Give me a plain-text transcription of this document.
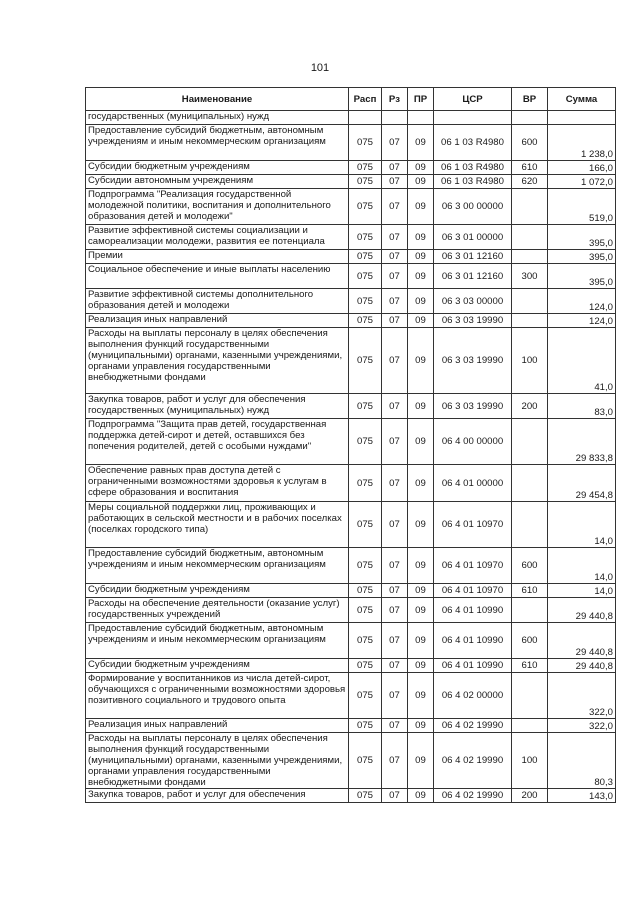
101
Наименование	Расп	Рз	ПР	ЦСР	ВР	Сумма
государственных (муниципальных) нужд						
Предоставление субсидий бюджетным, автономным учреждениям и иным некоммерческим организациям	075	07	09	06 1 03 R4980	600	1 238,0
Субсидии бюджетным учреждениям	075	07	09	06 1 03 R4980	610	166,0
Субсидии автономным учреждениям	075	07	09	06 1 03 R4980	620	1 072,0
Подпрограмма "Реализация государственной молодежной политики, воспитания и дополнительного образования детей и молодежи"	075	07	09	06 3 00 00000		519,0
Развитие эффективной системы социализации и самореализации молодежи, развития ее потенциала	075	07	09	06 3 01 00000		395,0
Премии	075	07	09	06 3 01 12160		395,0
Социальное обеспечение и иные выплаты населению	075	07	09	06 3 01 12160	300	395,0
Развитие эффективной системы дополнительного образования детей и молодежи	075	07	09	06 3 03 00000		124,0
Реализация иных направлений	075	07	09	06 3 03 19990		124,0
Расходы на выплаты персоналу в целях обеспечения выполнения функций государственными (муниципальными) органами, казенными учреждениями, органами управления государственными внебюджетными фондами	075	07	09	06 3 03 19990	100	41,0
Закупка товаров, работ и услуг для обеспечения государственных (муниципальных) нужд	075	07	09	06 3 03 19990	200	83,0
Подпрограмма "Защита прав детей, государственная поддержка детей-сирот и детей, оставшихся без попечения родителей, детей с особыми нуждами"	075	07	09	06 4 00 00000		29 833,8
Обеспечение равных прав доступа детей с ограниченными возможностями здоровья к услугам в сфере образования и воспитания	075	07	09	06 4 01 00000		29 454,8
Меры социальной поддержки лиц, проживающих и работающих в сельской местности и в рабочих поселках (поселках городского типа)	075	07	09	06 4 01 10970		14,0
Предоставление субсидий бюджетным, автономным учреждениям и иным некоммерческим организациям	075	07	09	06 4 01 10970	600	14,0
Субсидии бюджетным учреждениям	075	07	09	06 4 01 10970	610	14,0
Расходы на обеспечение деятельности (оказание услуг) государственных учреждений	075	07	09	06 4 01 10990		29 440,8
Предоставление субсидий бюджетным, автономным учреждениям и иным некоммерческим организациям	075	07	09	06 4 01 10990	600	29 440,8
Субсидии бюджетным учреждениям	075	07	09	06 4 01 10990	610	29 440,8
Формирование у воспитанников из числа детей-сирот, обучающихся с ограниченными возможностями здоровья позитивного социального и трудового опыта	075	07	09	06 4 02 00000		322,0
Реализация иных направлений	075	07	09	06 4 02 19990		322,0
Расходы на выплаты персоналу в целях обеспечения выполнения функций государственными (муниципальными) органами, казенными учреждениями, органами управления государственными внебюджетными фондами	075	07	09	06 4 02 19990	100	80,3
Закупка товаров, работ и услуг для обеспечения	075	07	09	06 4 02 19990	200	143,0
